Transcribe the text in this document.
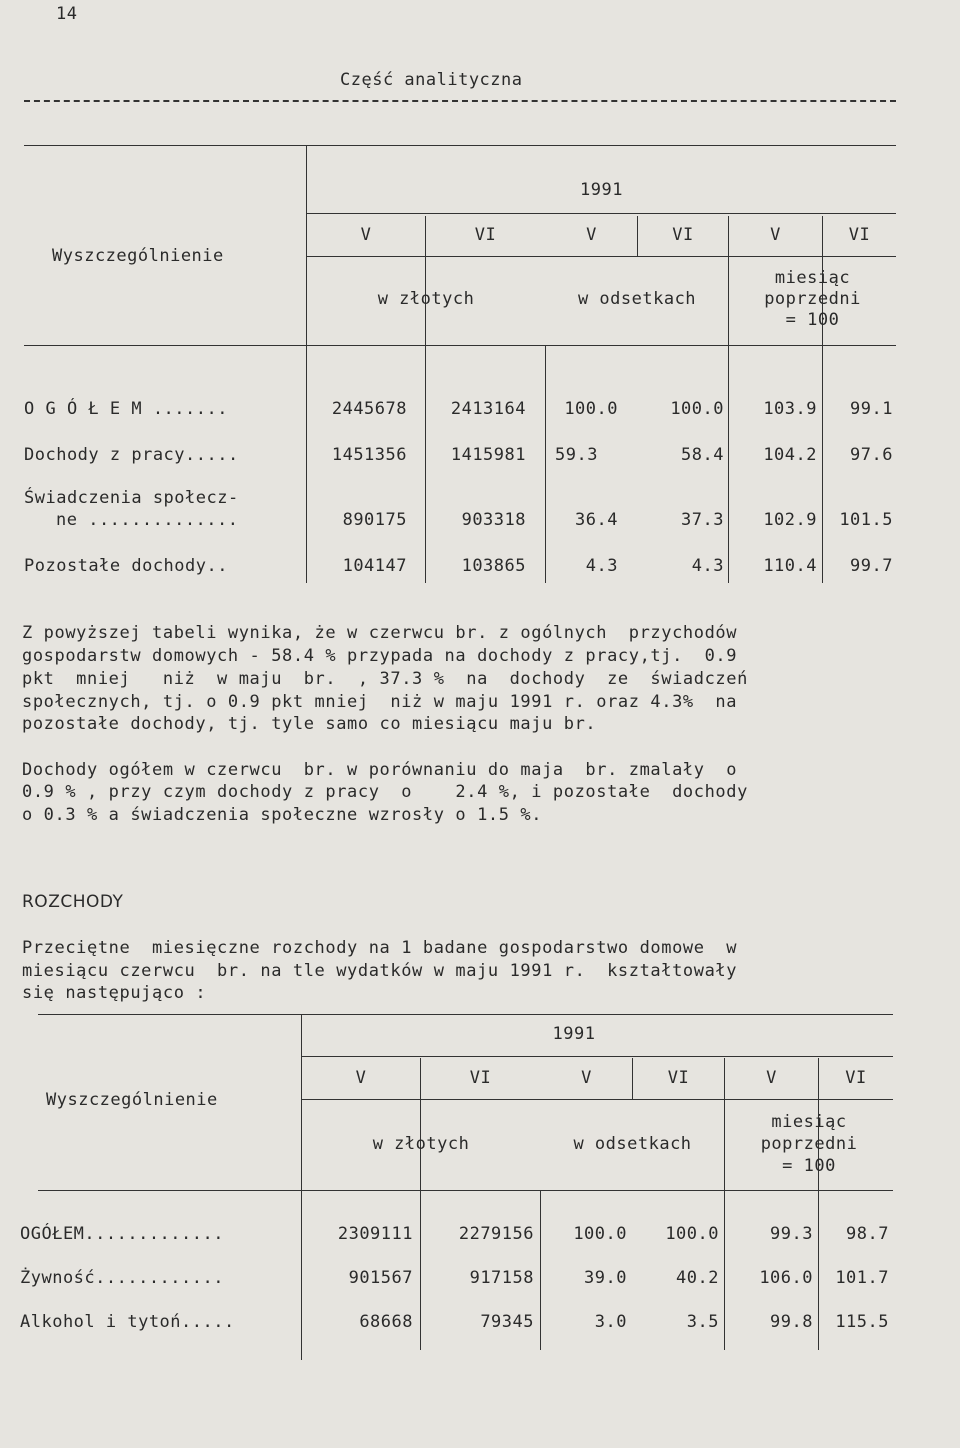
14
Część analityczna
Wyszczególnienie
1991
V	VI	V	VI	V	VI
w złotych	w odsetkach
miesiąc
poprzedni
= 100
O G Ó Ł E M .......	2445678	2413164	100.0	100.0	103.9	99.1
Dochody z pracy.....	1451356	1415981	59.3	58.4	104.2	97.6
Świadczenia społecz-
ne ..............	890175	903318	36.4	37.3	102.9	101.5
Pozostałe dochody..	104147	103865	4.3	4.3	110.4	99.7
Z powyższej tabeli wynika, że w czerwcu br. z ogólnych  przychodów
gospodarstw domowych - 58.4 % przypada na dochody z pracy,tj.  0.9
pkt  mniej   niż  w maju  br.  , 37.3 %  na  dochody  ze  świadczeń
społecznych, tj. o 0.9 pkt mniej  niż w maju 1991 r. oraz 4.3%  na
pozostałe dochody, tj. tyle samo co miesiącu maju br.
Dochody ogółem w czerwcu  br. w porównaniu do maja  br. zmalały  o
0.9 % , przy czym dochody z pracy  o    2.4 %, i pozostałe  dochody
o 0.3 % a świadczenia społeczne wzrosły o 1.5 %.
ROZCHODY
Przeciętne  miesięczne rozchody na 1 badane gospodarstwo domowe  w
miesiącu czerwcu  br. na tle wydatków w maju 1991 r.  kształtowały
się następująco :
Wyszczególnienie
1991
V	VI	V	VI	V	VI
w złotych	w odsetkach
miesiąc
poprzedni
= 100
OGÓŁEM.............	2309111	2279156	100.0	100.0	99.3	98.7
Żywność............	901567	917158	39.0	40.2	106.0	101.7
Alkohol i tytoń.....	68668	79345	3.0	3.5	99.8	115.5
